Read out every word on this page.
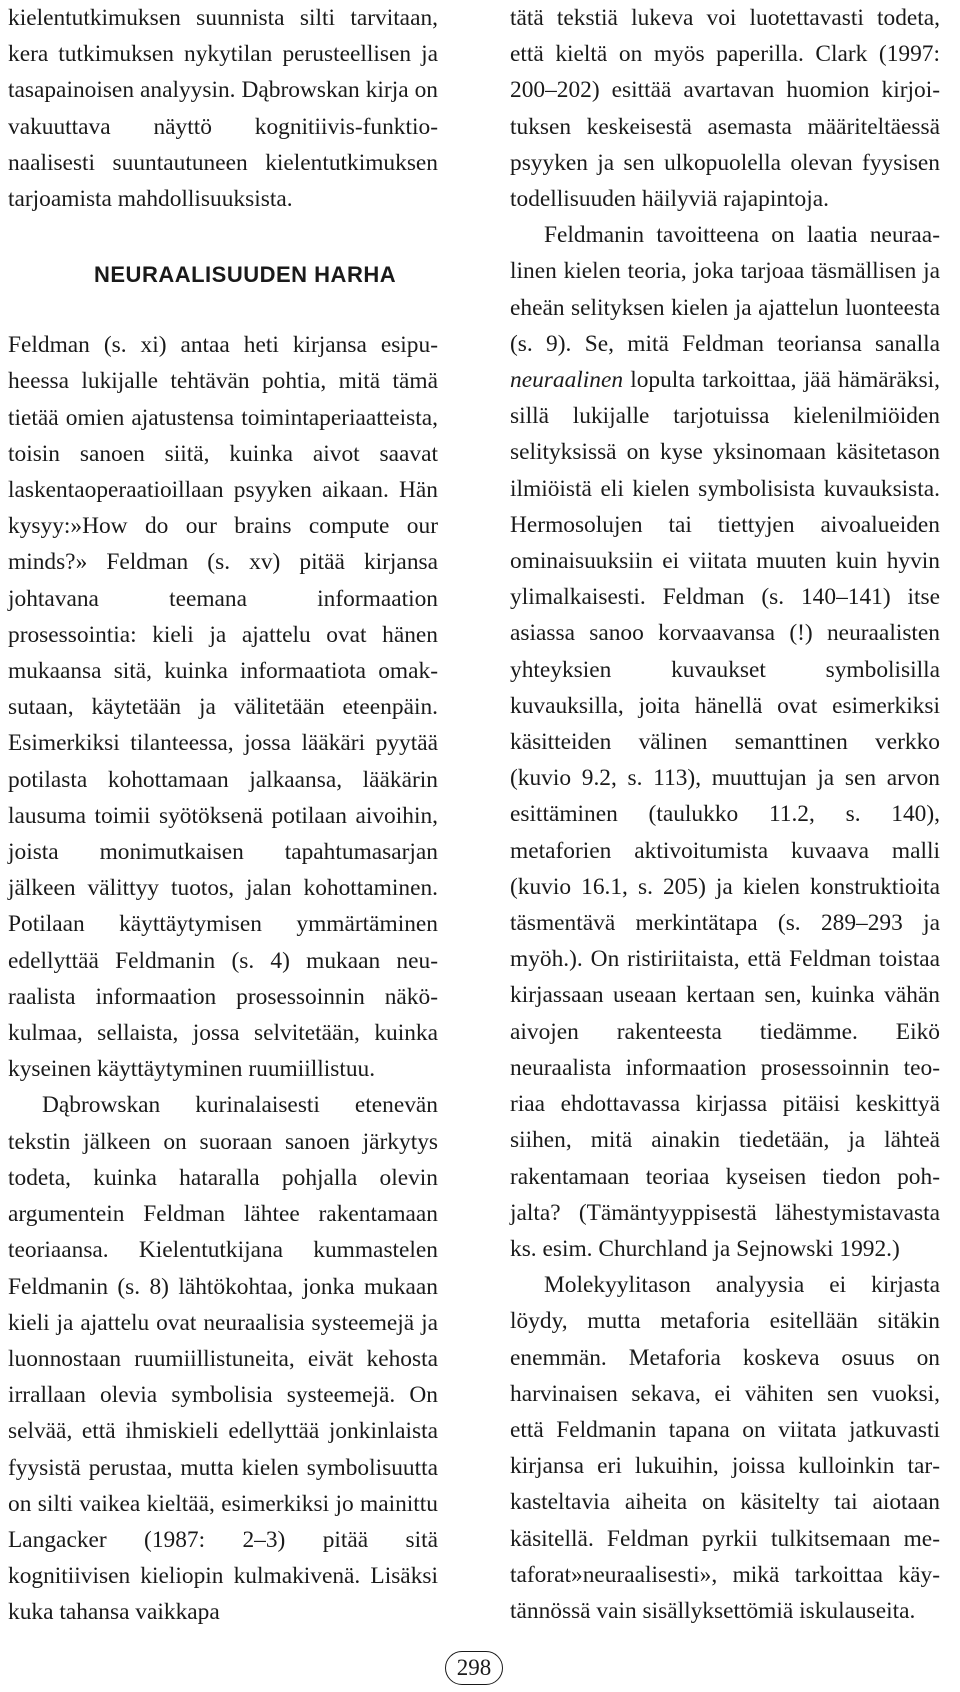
kielentutkimuksen suunnista silti tarvitaan, kera tutkimuksen nykytilan perusteellisen ja tasapainoisen analyysin. Dąbrowskan kirja on vakuuttava näyttö kognitiivis-funktionaalisesti suuntautuneen kielentutkimuksen tarjoamista mahdollisuuksista.

NEURAALISUUDEN HARHA

Feldman (s. xi) antaa heti kirjansa esipuheessa lukijalle tehtävän pohtia, mitä tämä tietää omien ajatustensa toimintaperiaatteista, toisin sanoen siitä, kuinka aivot saavat laskentaoperaatioillaan psyyken aikaan. Hän kysyy:»How do our brains compute our minds?» Feldman (s. xv) pitää kirjansa johtavana teemana informaation prosessointia: kieli ja ajattelu ovat hänen mukaansa sitä, kuinka informaatiota omaksutaan, käytetään ja välitetään eteenpäin. Esimerkiksi tilanteessa, jossa lääkäri pyytää potilasta kohottamaan jalkaansa, lääkärin lausuma toimii syötöksenä potilaan aivoihin, joista monimutkaisen tapahtumasarjan jälkeen välittyy tuotos, jalan kohottaminen. Potilaan käyttäytymisen ymmärtäminen edellyttää Feldmanin (s. 4) mukaan neuraalista informaation prosessoinnin näkökulmaa, sellaista, jossa selvitetään, kuinka kyseinen käyttäytyminen ruumiillistuu.

Dąbrowskan kurinalaisesti etenevän tekstin jälkeen on suoraan sanoen järkytys todeta, kuinka hataralla pohjalla olevin argumentein Feldman lähtee rakentamaan teoriaansa. Kielentutkijana kummastelen Feldmanin (s. 8) lähtökohtaa, jonka mukaan kieli ja ajattelu ovat neuraalisia systeemejä ja luonnostaan ruumiillistuneita, eivät kehosta irrallaan olevia symbolisia systeemejä. On selvää, että ihmiskieli edellyttää jonkinlaista fyysistä perustaa, mutta kielen symbolisuutta on silti vaikea kieltää, esimerkiksi jo mainittu Langacker (1987: 2–3) pitää sitä kognitiivisen kieliopin kulmakivenä. Lisäksi kuka tahansa vaikkapa

tätä tekstiä lukeva voi luotettavasti todeta, että kieltä on myös paperilla. Clark (1997: 200–202) esittää avartavan huomion kirjoituksen keskeisestä asemasta määriteltäessä psyyken ja sen ulkopuolella olevan fyysisen todellisuuden häilyviä rajapintoja.

Feldmanin tavoitteena on laatia neuraalinen kielen teoria, joka tarjoaa täsmällisen ja eheän selityksen kielen ja ajattelun luonteesta (s. 9). Se, mitä Feldman teoriansa sanalla neuraalinen lopulta tarkoittaa, jää hämäräksi, sillä lukijalle tarjotuissa kielenilmiöiden selityksissä on kyse yksinomaan käsitetason ilmiöistä eli kielen symbolisista kuvauksista. Hermosolujen tai tiettyjen aivoalueiden ominaisuuksiin ei viitata muuten kuin hyvin ylimalkaisesti. Feldman (s. 140–141) itse asiassa sanoo korvaavansa (!) neuraalisten yhteyksien kuvaukset symbolisilla kuvauksilla, joita hänellä ovat esimerkiksi käsitteiden välinen semanttinen verkko (kuvio 9.2, s. 113), muuttujan ja sen arvon esittäminen (taulukko 11.2, s. 140), metaforien aktivoitumista kuvaava malli (kuvio 16.1, s. 205) ja kielen konstruktioita täsmentävä merkintätapa (s. 289–293 ja myöh.). On ristiriitaista, että Feldman toistaa kirjassaan useaan kertaan sen, kuinka vähän aivojen rakenteesta tiedämme. Eikö neuraalista informaation prosessoinnin teoriaa ehdottavassa kirjassa pitäisi keskittyä siihen, mitä ainakin tiedetään, ja lähteä rakentamaan teoriaa kyseisen tiedon pohjalta? (Tämäntyyppisestä lähestymistavasta ks. esim. Churchland ja Sejnowski 1992.)

Molekyylitason analyysia ei kirjasta löydy, mutta metaforia esitellään sitäkin enemmän. Metaforia koskeva osuus on harvinaisen sekava, ei vähiten sen vuoksi, että Feldmanin tapana on viitata jatkuvasti kirjansa eri lukuihin, joissa kulloinkin tarkasteltavia aiheita on käsitelty tai aiotaan käsitellä. Feldman pyrkii tulkitsemaan metaforat»neuraalisesti», mikä tarkoittaa käytännössä vain sisällyksettömiä iskulauseita.

298
